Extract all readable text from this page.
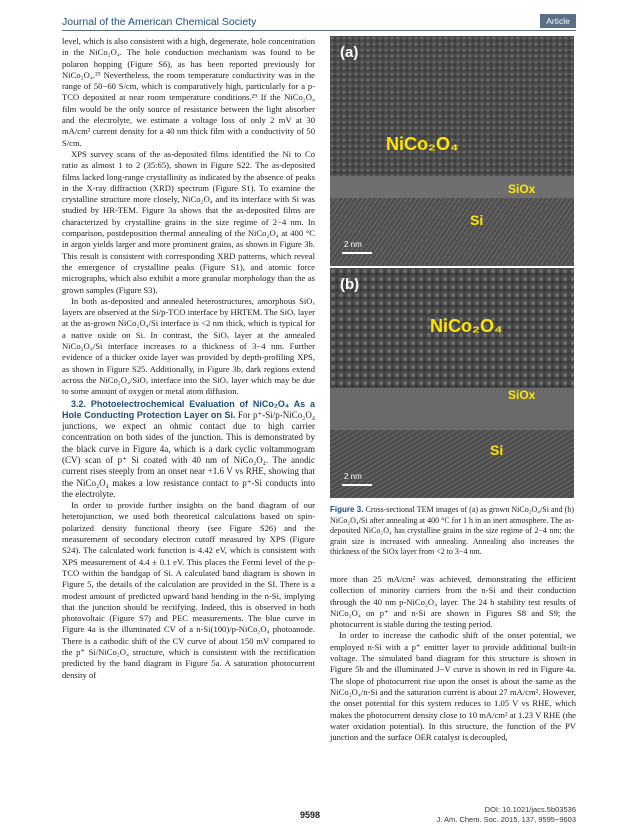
Journal of the American Chemical Society	Article

level, which is also consistent with a high, degenerate, hole concentration in the NiCo₂O₄. The hole conduction mechanism was found to be polaron hopping (Figure S6), as has been reported previously for NiCo₂O₄.²⁹ Nevertheless, the room temperature conductivity was in the range of 50−60 S/cm, which is comparatively high, particularly for a p-TCO deposited at near room temperature conditions.²⁹ If the NiCo₂O₄ film would be the only source of resistance between the light absorber and the electrolyte, we estimate a voltage loss of only 2 mV at 30 mA/cm² current density for a 40 nm thick film with a conductivity of 50 S/cm.

XPS survey scans of the as-deposited films identified the Ni to Co ratio as almost 1 to 2 (35:65), shown in Figure S22. The as-deposited films lacked long-range crystallinity as indicated by the absence of peaks in the X-ray diffraction (XRD) spectrum (Figure S1). To examine the crystalline structure more closely, NiCo₂O₄ and its interface with Si was studied by HR-TEM. Figure 3a shows that the as-deposited films are characterized by crystalline grains in the size regime of 2−4 nm. In comparison, postdeposition thermal annealing of the NiCo₂O₄ at 400 °C in argon yields larger and more prominent grains, as shown in Figure 3b. This result is consistent with corresponding XRD patterns, which reveal the emergence of crystalline peaks (Figure S1), and atomic force micrographs, which also exhibit a more granular morphology than the as grown samples (Figure S3).

In both as-deposited and annealed heterostructures, amorphous SiOₓ layers are observed at the Si/p-TCO interface by HRTEM. The SiOₓ layer at the as-grown NiCo₂O₄/Si interface is <2 nm thick, which is typical for a native oxide on Si. In contrast, the SiOₓ layer at the annealed NiCo₂O₄/Si interface increases to a thickness of 3−4 nm. Further evidence of a thicker oxide layer was provided by depth-profiling XPS, as shown in Figure S25. Additionally, in Figure 3b, dark regions extend across the NiCo₂O₄/SiOₓ interface into the SiOₓ layer which may be due to some amount of oxygen or metal atom diffusion.

3.2. Photoelectrochemical Evaluation of NiCo₂O₄ As a Hole Conducting Protection Layer on Si. For p⁺-Si/p-NiCo₂O₄ junctions, we expect an ohmic contact due to high carrier concentration on both sides of the junction. This is demonstrated by the black curve in Figure 4a, which is a dark cyclic voltammogram (CV) scan of p⁺ Si coated with 40 nm of NiCo₂O₄. The anodic current rises steeply from an onset near +1.6 V vs RHE, showing that the NiCo₂O₄ makes a low resistance contact to p⁺-Si conducts into the electrolyte.

In order to provide further insights on the band diagram of our heterojunction, we used both theoretical calculations based on spin-polarized density functional theory (see Figure S26) and the measurement of secondary electron cutoff measured by XPS (Figure S24). The calculated work function is 4.42 eV, which is consistent with XPS measurement of 4.4 ± 0.1 eV. This places the Fermi level of the p-TCO within the bandgap of Si. A calculated band diagram is shown in Figure 5, the details of the calculation are provided in the SI. There is a modest amount of predicted upward band bending in the n-Si, implying that the junction should be rectifying. Indeed, this is observed in both photovoltaic (Figure S7) and PEC measurements. The blue curve in Figure 4a is the illuminated CV of a n-Si(100)/p-NiCo₂O₄ photoanode. There is a cathodic shift of the CV curve of about 150 mV compared to the p⁺ Si/NiCo₂O₄ structure, which is consistent with the rectification predicted by the band diagram in Figure 5a. A saturation photocurrent density of

(a)
NiCo₂O₄
SiOx
Si
2 nm
(b)
NiCo₂O₄
SiOx
Si
2 nm
Figure 3. Cross-sectional TEM images of (a) as grown NiCo₂O₄/Si and (b) NiCo₂O₄/Si after annealing at 400 °C for 1 h in an inert atmosphere. The as-deposited NiCo₂O₄ has crystalline grains in the size regime of 2−4 nm; the grain size is increased with annealing. Annealing also increases the thickness of the SiOx layer from <2 to 3−4 nm.

more than 25 mA/cm² was achieved, demonstrating the efficient collection of minority carriers from the n-Si and their conduction through the 40 nm p-NiCo₂O₄ layer. The 24 h stability test results of NiCo₂O₄ on p⁺ and n-Si are shown in Figures S8 and S9; the photocurrent is stable during the testing period.

In order to increase the cathodic shift of the onset potential, we employed n-Si with a p⁺ emitter layer to provide additional built-in voltage. The simulated band diagram for this structure is shown in Figure 5b and the illuminated J−V curve is shown in red in Figure 4a. The slope of photocurrent rise upon the onset is about the same as the NiCo₂O₄/n-Si and the saturation current is about 27 mA/cm². However, the onset potential for this system reduces to 1.05 V vs RHE, which makes the photocurrent density close to 10 mA/cm² at 1.23 V RHE (the water oxidation potential). In this structure, the function of the PV junction and the surface OER catalyst is decoupled,

9598
DOI: 10.1021/jacs.5b03536
J. Am. Chem. Soc. 2015, 137, 9595−9603
